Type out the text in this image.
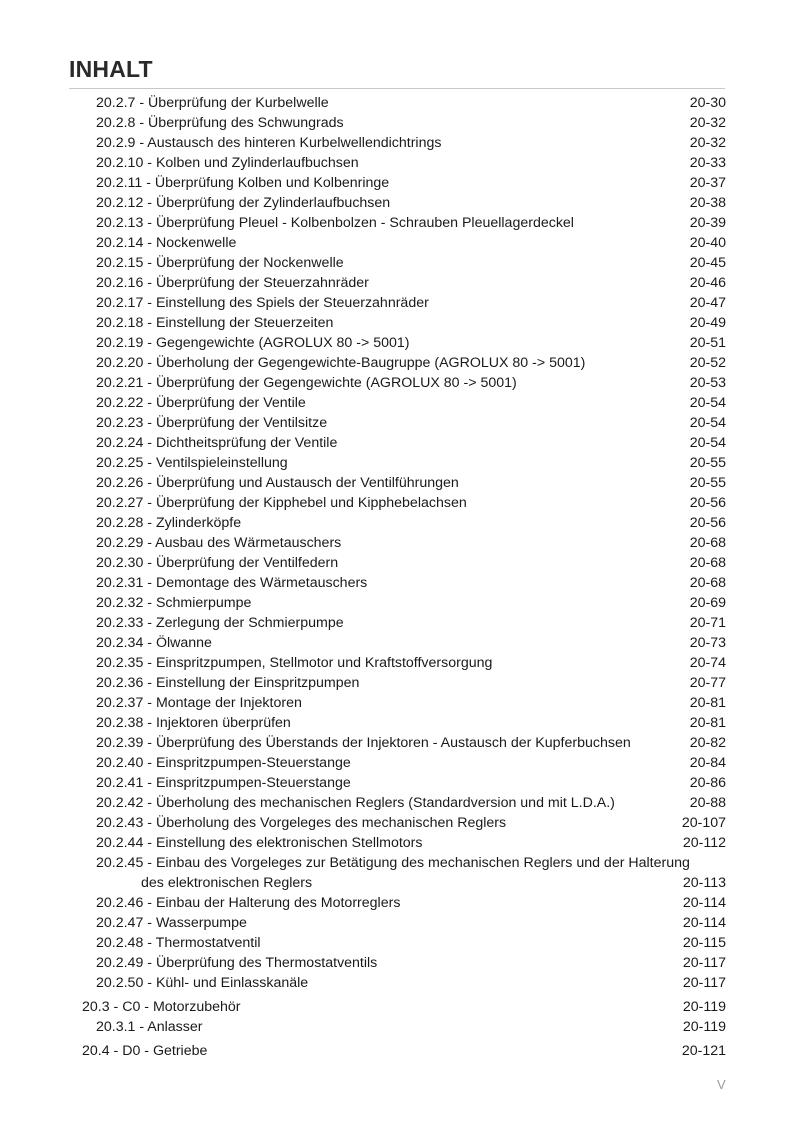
INHALT
20.2.7 - Überprüfung der Kurbelwelle	20-30
20.2.8 - Überprüfung des Schwungrads	20-32
20.2.9 - Austausch des hinteren Kurbelwellendichtrings	20-32
20.2.10 - Kolben und Zylinderlaufbuchsen	20-33
20.2.11 - Überprüfung Kolben und Kolbenringe	20-37
20.2.12 - Überprüfung der Zylinderlaufbuchsen	20-38
20.2.13 - Überprüfung Pleuel - Kolbenbolzen - Schrauben Pleuellagerdeckel	20-39
20.2.14 - Nockenwelle	20-40
20.2.15 - Überprüfung der Nockenwelle	20-45
20.2.16 - Überprüfung der Steuerzahnräder	20-46
20.2.17 - Einstellung des Spiels der Steuerzahnräder	20-47
20.2.18 - Einstellung der Steuerzeiten	20-49
20.2.19 - Gegengewichte (AGROLUX 80 -> 5001)	20-51
20.2.20 - Überholung der Gegengewichte-Baugruppe (AGROLUX 80 -> 5001)	20-52
20.2.21 - Überprüfung der Gegengewichte (AGROLUX 80 -> 5001)	20-53
20.2.22 - Überprüfung der Ventile	20-54
20.2.23 - Überprüfung der Ventilsitze	20-54
20.2.24 - Dichtheitsprüfung der Ventile	20-54
20.2.25 - Ventilspieleinstellung	20-55
20.2.26 - Überprüfung und Austausch der Ventilführungen	20-55
20.2.27 - Überprüfung der Kipphebel und Kipphebelachsen	20-56
20.2.28 - Zylinderköpfe	20-56
20.2.29 - Ausbau des Wärmetauschers	20-68
20.2.30 - Überprüfung der Ventilfedern	20-68
20.2.31 - Demontage des Wärmetauschers	20-68
20.2.32 - Schmierpumpe	20-69
20.2.33 - Zerlegung der Schmierpumpe	20-71
20.2.34 - Ölwanne	20-73
20.2.35 - Einspritzpumpen, Stellmotor und Kraftstoffversorgung	20-74
20.2.36 - Einstellung der Einspritzpumpen	20-77
20.2.37 - Montage der Injektoren	20-81
20.2.38 - Injektoren überprüfen	20-81
20.2.39 - Überprüfung des Überstands der Injektoren - Austausch der Kupferbuchsen	20-82
20.2.40 - Einspritzpumpen-Steuerstange	20-84
20.2.41 - Einspritzpumpen-Steuerstange	20-86
20.2.42 - Überholung des mechanischen Reglers (Standardversion und mit L.D.A.)	20-88
20.2.43 - Überholung des Vorgeleges des mechanischen Reglers	20-107
20.2.44 - Einstellung des elektronischen Stellmotors	20-112
20.2.45 - Einbau des Vorgeleges zur Betätigung des mechanischen Reglers und der Halterung
des elektronischen Reglers	20-113
20.2.46 - Einbau der Halterung des Motorreglers	20-114
20.2.47 - Wasserpumpe	20-114
20.2.48 - Thermostatventil	20-115
20.2.49 - Überprüfung des Thermostatventils	20-117
20.2.50 - Kühl- und Einlasskanäle	20-117
20.3 - C0 - Motorzubehör	20-119
20.3.1 - Anlasser	20-119
20.4 - D0 - Getriebe	20-121
V
